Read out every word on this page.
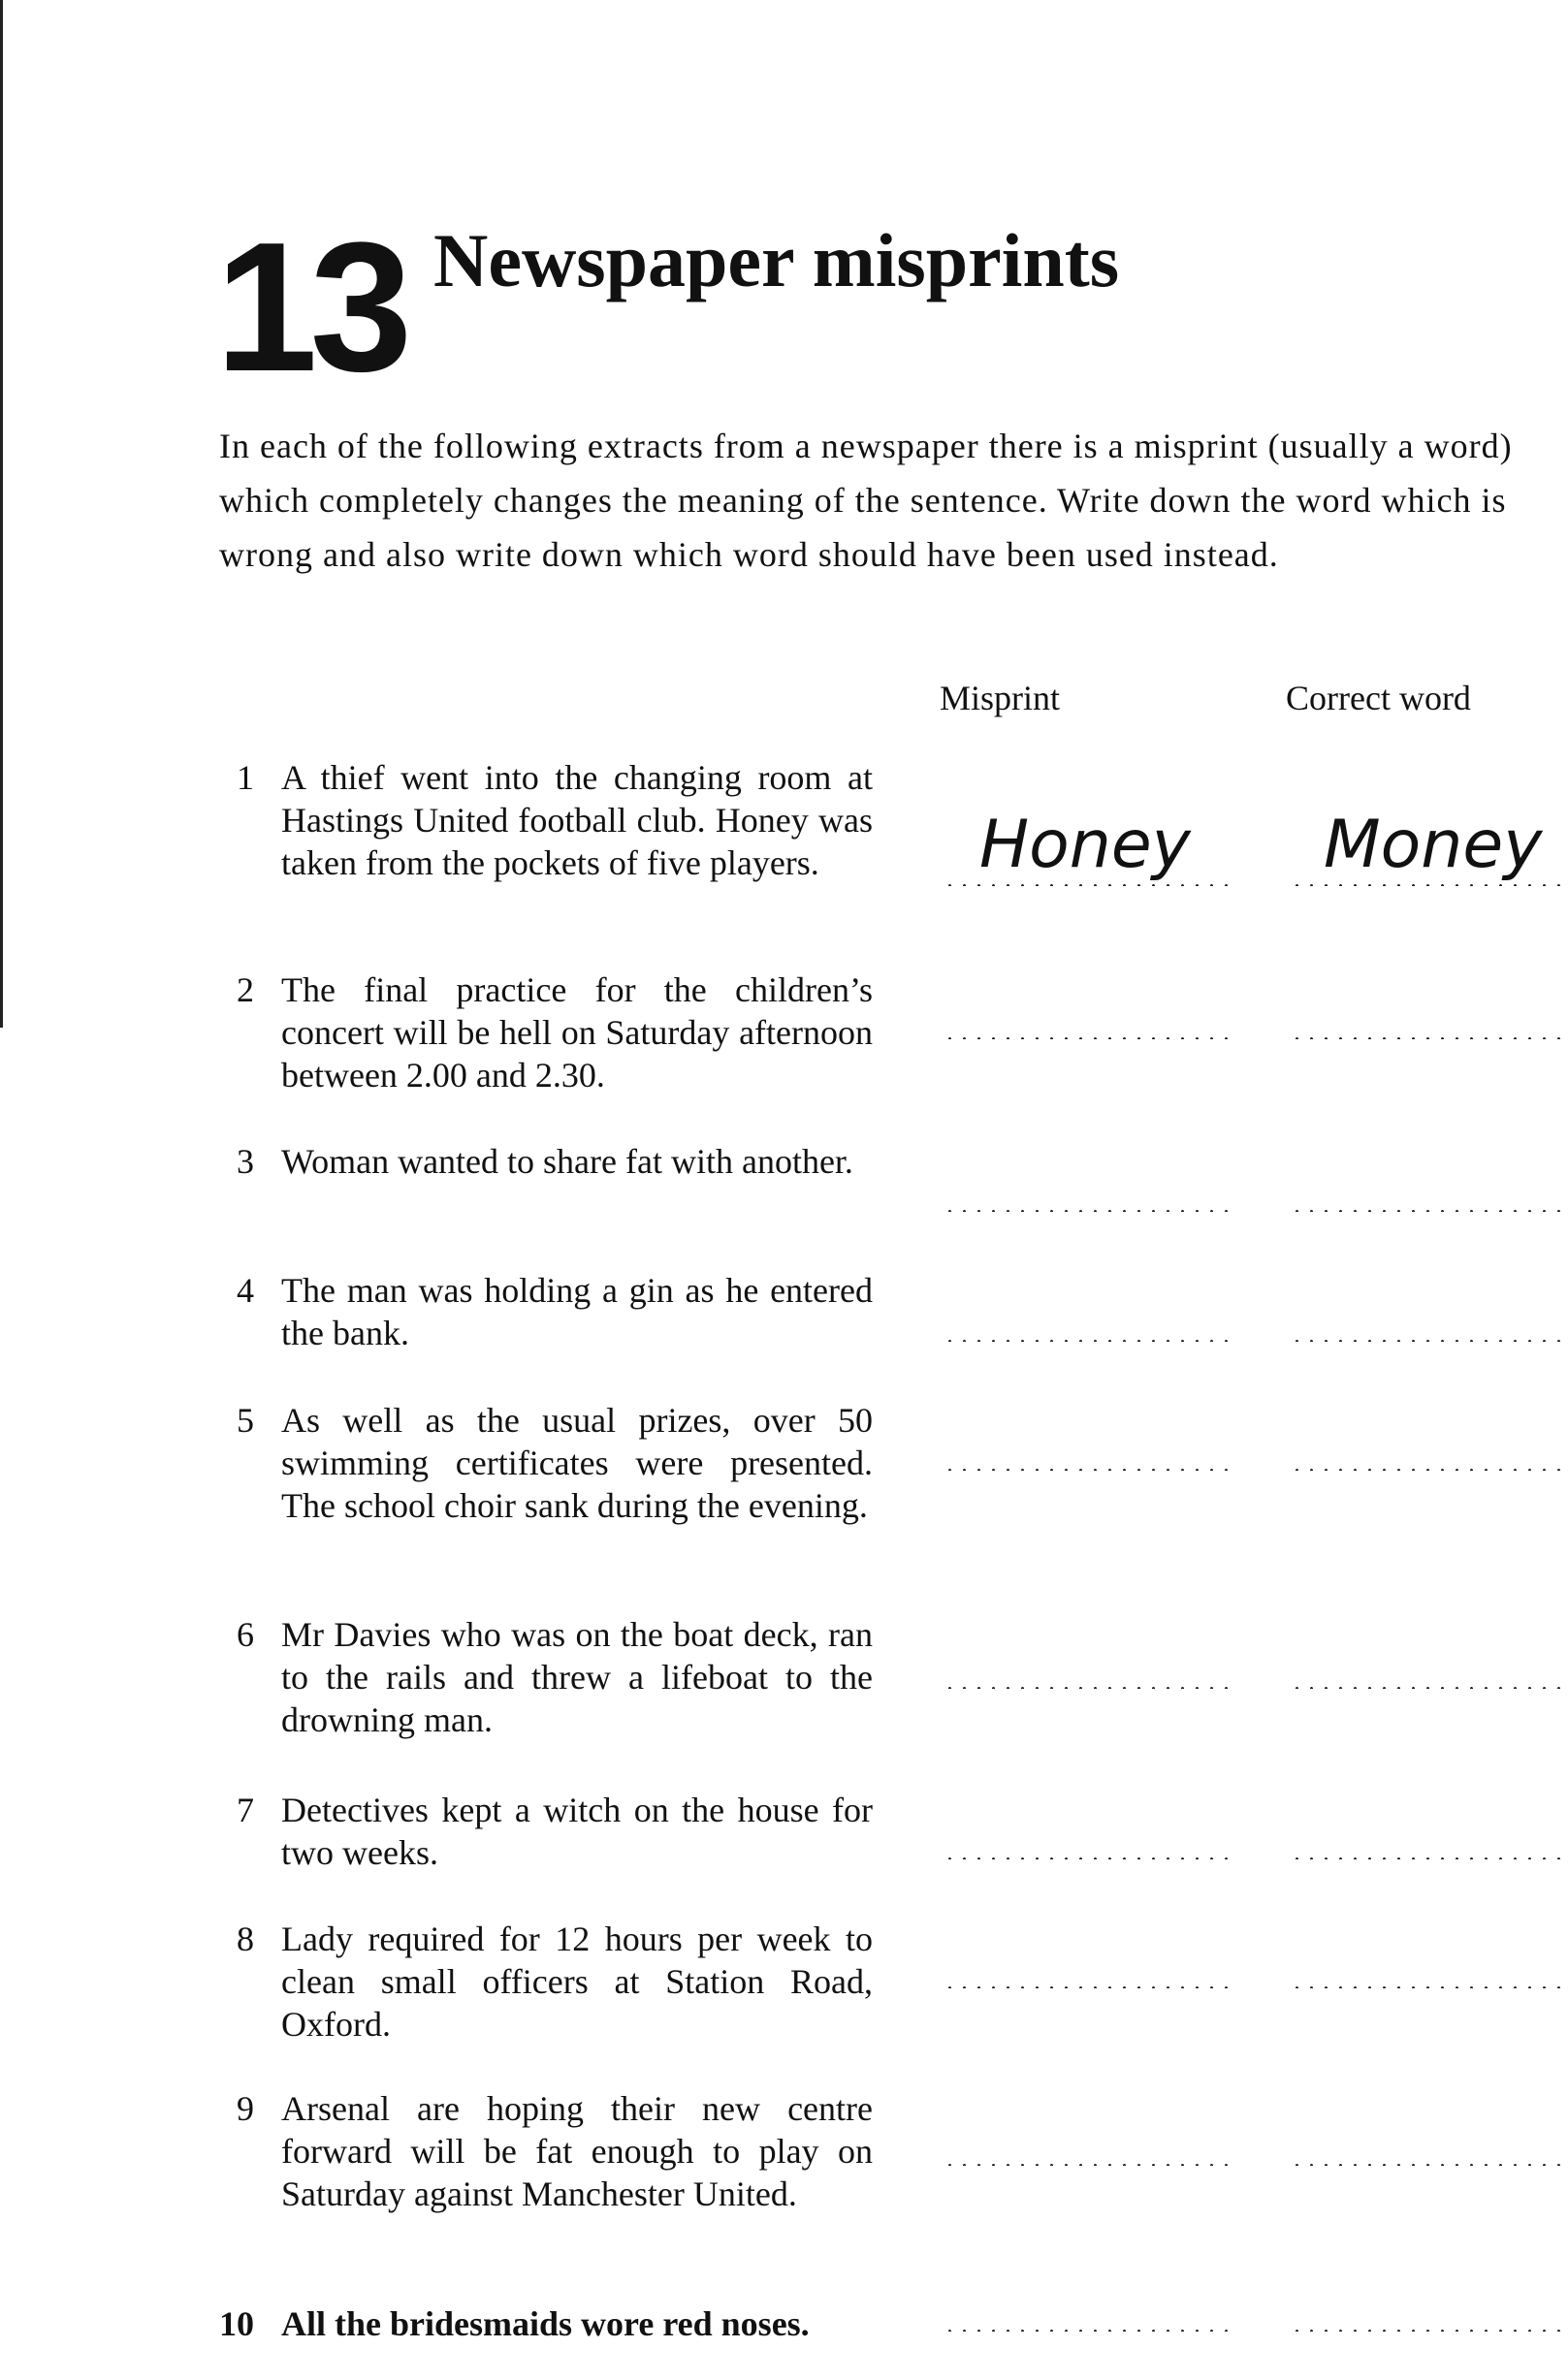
13 Newspaper misprints

In each of the following extracts from a newspaper there is a misprint (usually a word) which completely changes the meaning of the sentence. Write down the word which is wrong and also write down which word should have been used instead.

Misprint	Correct word
1 A thief went into the changing room at Hastings United football club. Honey was taken from the pockets of five players.	Honey Money
2 The final practice for the children’s concert will be hell on Saturday afternoon between 2.00 and 2.30.
3 Woman wanted to share fat with another.
4 The man was holding a gin as he entered the bank.
5 As well as the usual prizes, over 50 swimming certificates were presented. The school choir sank during the evening.
6 Mr Davies who was on the boat deck, ran to the rails and threw a lifeboat to the drowning man.
7 Detectives kept a witch on the house for two weeks.
8 Lady required for 12 hours per week to clean small officers at Station Road, Oxford.
9 Arsenal are hoping their new centre forward will be fat enough to play on Saturday against Manchester United.
10 All the bridesmaids wore red noses.
